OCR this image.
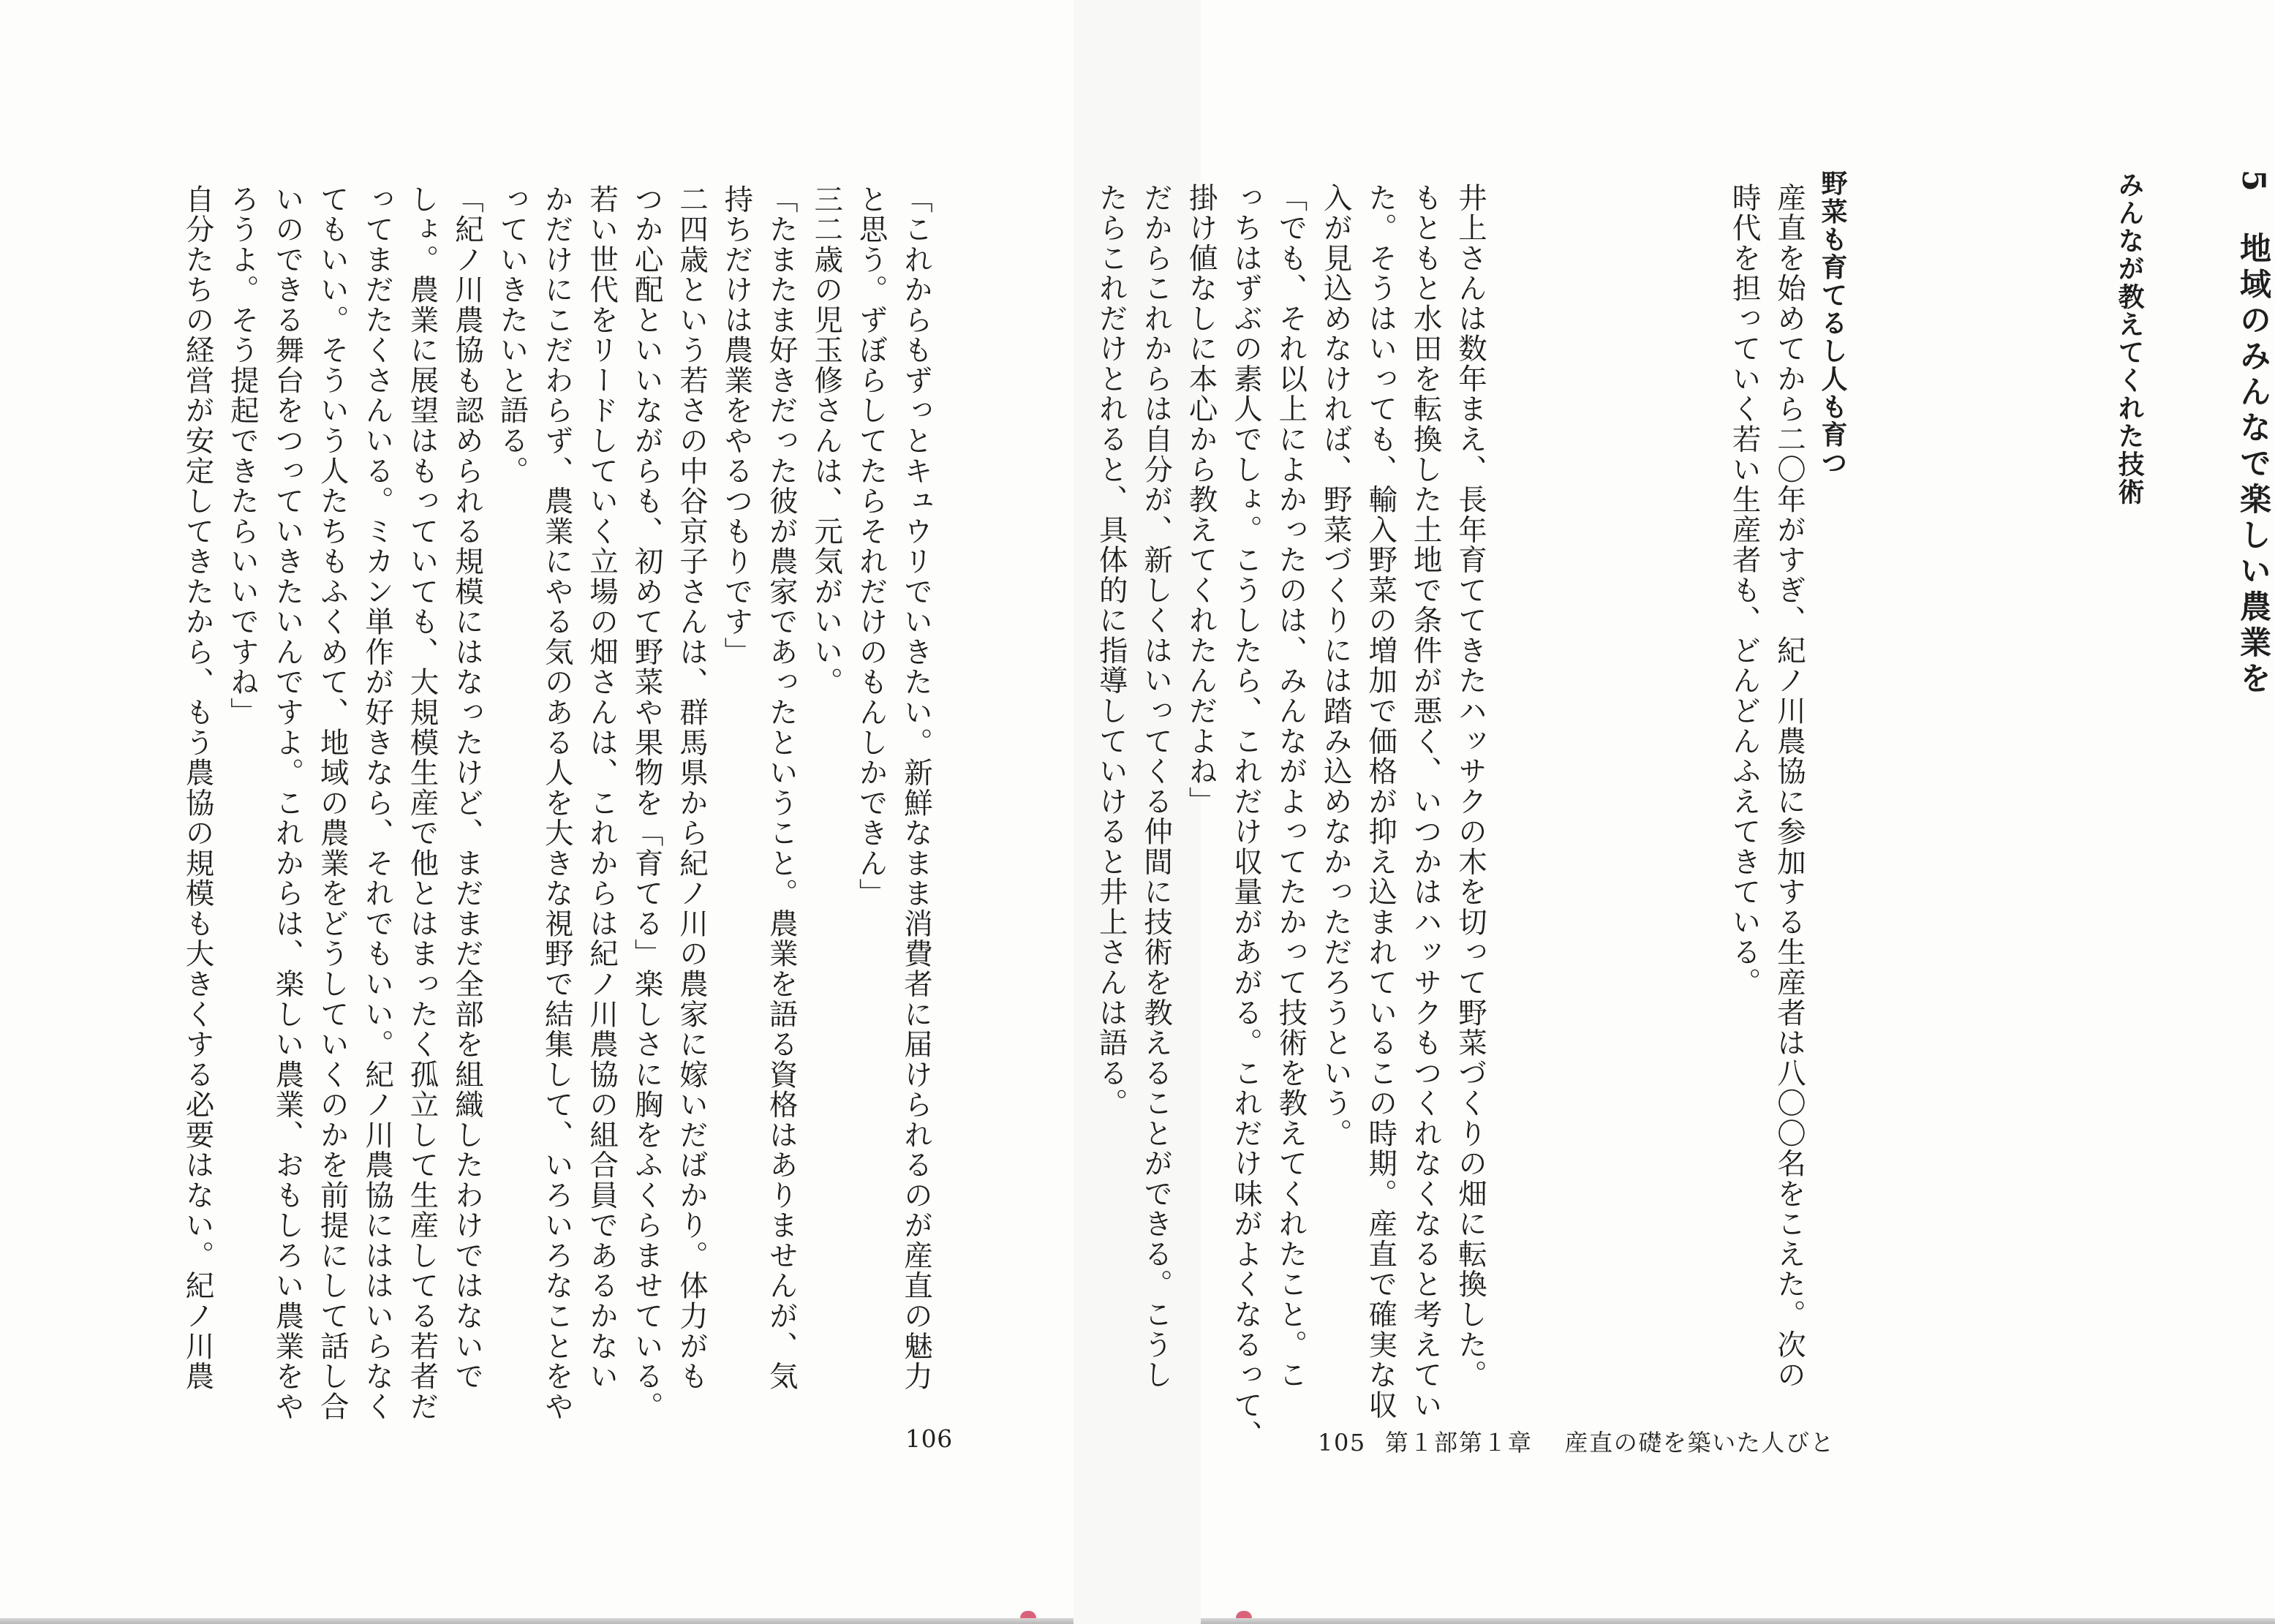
「これからもずっとキュウリでいきたい。新鮮なまま消費者に届けられるのが産直の魅力
と思う。ずぼらしてたらそれだけのもんしかできん」
三二歳の児玉修さんは、元気がいい。
「たまたま好きだった彼が農家であったということ。農業を語る資格はありませんが、気
持ちだけは農業をやるつもりです」
二四歳という若さの中谷京子さんは、群馬県から紀ノ川の農家に嫁いだばかり。体力がも
つか心配といいながらも、初めて野菜や果物を「育てる」楽しさに胸をふくらませている。
若い世代をリードしていく立場の畑さんは、これからは紀ノ川農協の組合員であるかない
かだけにこだわらず、農業にやる気のある人を大きな視野で結集して、いろいろなことをや
っていきたいと語る。
「紀ノ川農協も認められる規模にはなったけど、まだまだ全部を組織したわけではないで
しょ。農業に展望はもっていても、大規模生産で他とはまったく孤立して生産してる若者だ
ってまだたくさんいる。ミカン単作が好きなら、それでもいい。紀ノ川農協にははいらなく
てもいい。そういう人たちもふくめて、地域の農業をどうしていくのかを前提にして話し合
いのできる舞台をつっていきたいんですよ。これからは、楽しい農業、おもしろい農業をや
ろうよ。そう提起できたらいいですね」
自分たちの経営が安定してきたから、もう農協の規模も大きくする必要はない。紀ノ川農
106
5　地域のみんなで楽しい農業を
みんなが教えてくれた技術
井上さんは数年まえ、長年育ててきたハッサクの木を切って野菜づくりの畑に転換した。
もともと水田を転換した土地で条件が悪く、いつかはハッサクもつくれなくなると考えてい
た。そうはいっても、輸入野菜の増加で価格が抑え込まれているこの時期。産直で確実な収
入が見込めなければ、野菜づくりには踏み込めなかっただろうという。
「でも、それ以上によかったのは、みんながよってたかって技術を教えてくれたこと。こ
っちはずぶの素人でしょ。こうしたら、これだけ収量があがる。これだけ味がよくなるって、
掛け値なしに本心から教えてくれたんだよね」
だからこれからは自分が、新しくはいってくる仲間に技術を教えることができる。こうし
たらこれだけとれると、具体的に指導していけると井上さんは語る。	野菜も育てるし人も育つ
産直を始めてから二〇年がすぎ、紀ノ川農協に参加する生産者は八〇〇名をこえた。次の
時代を担っていく若い生産者も、どんどんふえてきている。
105 第１部第１章 産直の礎を築いた人びと
